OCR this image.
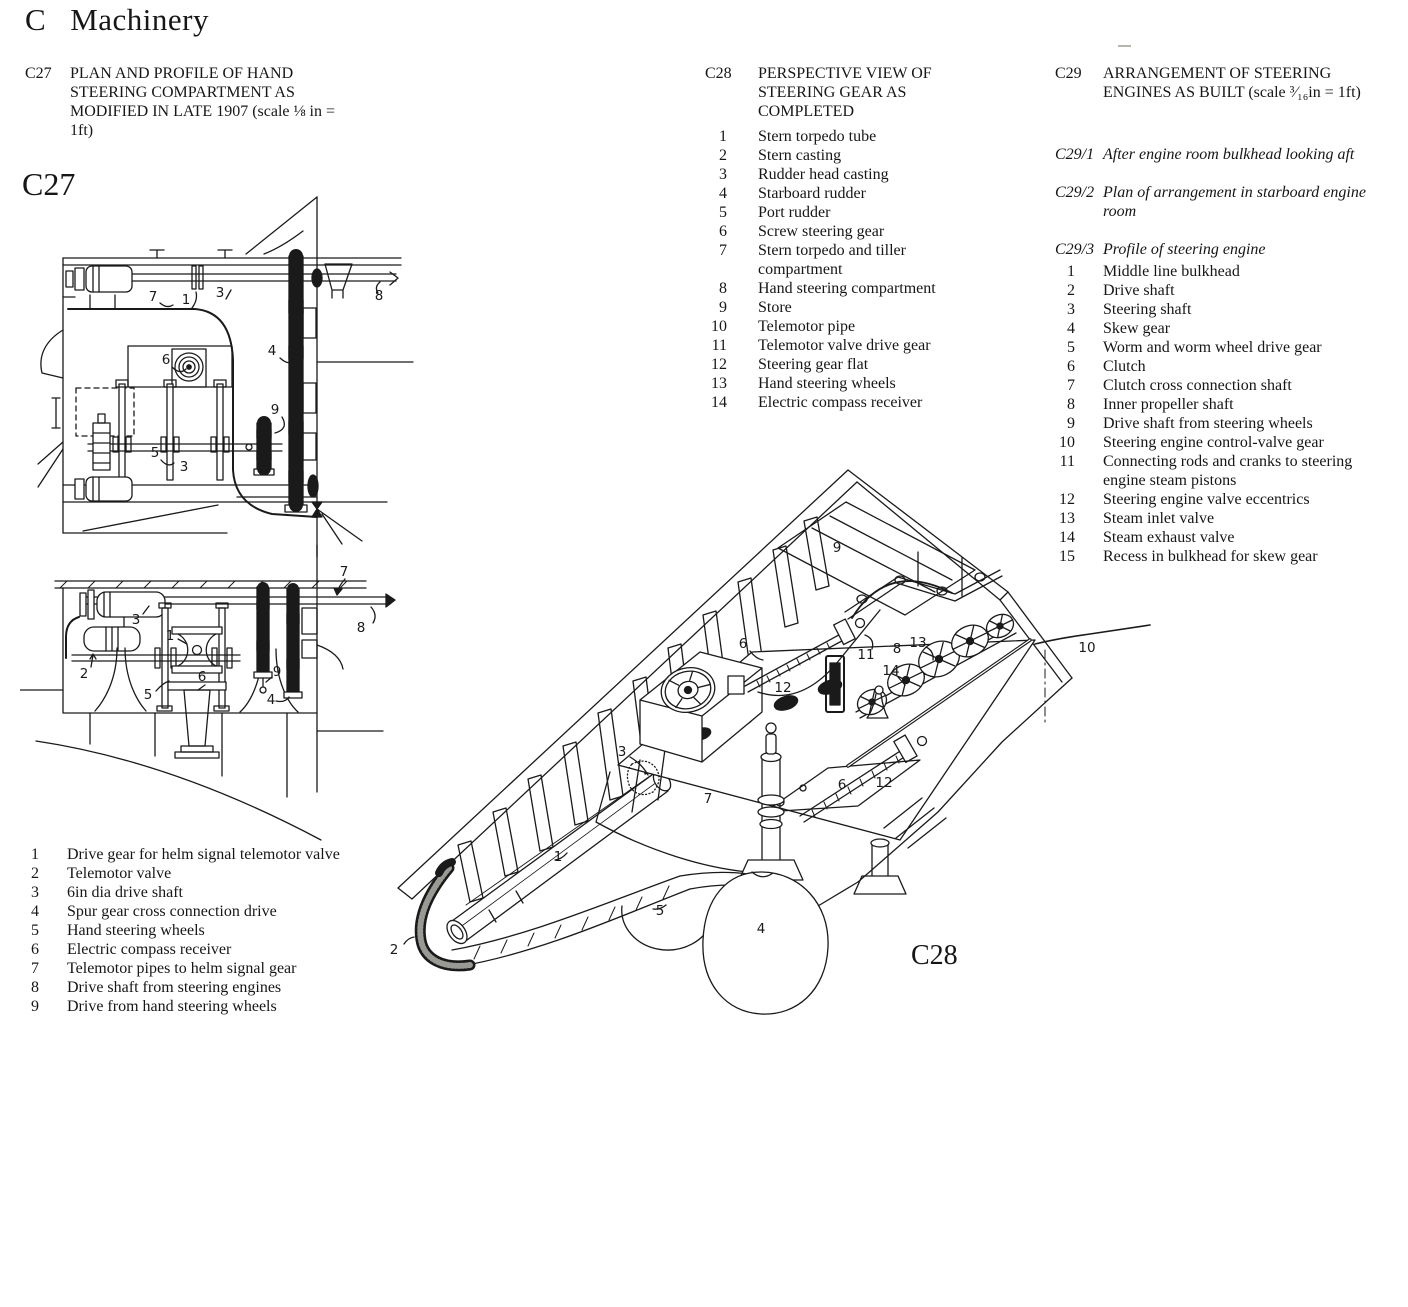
C Machinery
C27	PLAN AND PROFILE OF HAND STEERING COMPARTMENT AS MODIFIED IN LATE 1907 (scale ⅛ in = 1ft)
C28	PERSPECTIVE VIEW OF STEERING GEAR AS COMPLETED
1 Stern torpedo tube
2 Stern casting
3 Rudder head casting
4 Starboard rudder
5 Port rudder
6 Screw steering gear
7 Stern torpedo and tiller compartment
8 Hand steering compartment
9 Store
10 Telemotor pipe
11 Telemotor valve drive gear
12 Steering gear flat
13 Hand steering wheels
14 Electric compass receiver
C29	ARRANGEMENT OF STEERING ENGINES AS BUILT (scale ³⁄₁₆in = 1ft)
C29/1 After engine room bulkhead looking aft
C29/2 Plan of arrangement in starboard engine room
C29/3 Profile of steering engine
1 Middle line bulkhead
2 Drive shaft
3 Steering shaft
4 Skew gear
5 Worm and worm wheel drive gear
6 Clutch
7 Clutch cross connection shaft
8 Inner propeller shaft
9 Drive shaft from steering wheels
10 Steering engine control-valve gear
11 Connecting rods and cranks to steering engine steam pistons
12 Steering engine valve eccentrics
13 Steam inlet valve
14 Steam exhaust valve
15 Recess in bulkhead for skew gear
C27
1 Drive gear for helm signal telemotor valve
2 Telemotor valve
3 6in dia drive shaft
4 Spur gear cross connection drive
5 Hand steering wheels
6 Electric compass receiver
7 Telemotor pipes to helm signal gear
8 Drive shaft from steering engines
9 Drive from hand steering wheels
C28
7 1 3	8
6
4
9
5
3
7
3
1
2
5
6	9
4
8
9
6
11 8 13
14
10
12
3
7
6 12
1
5
2
4
